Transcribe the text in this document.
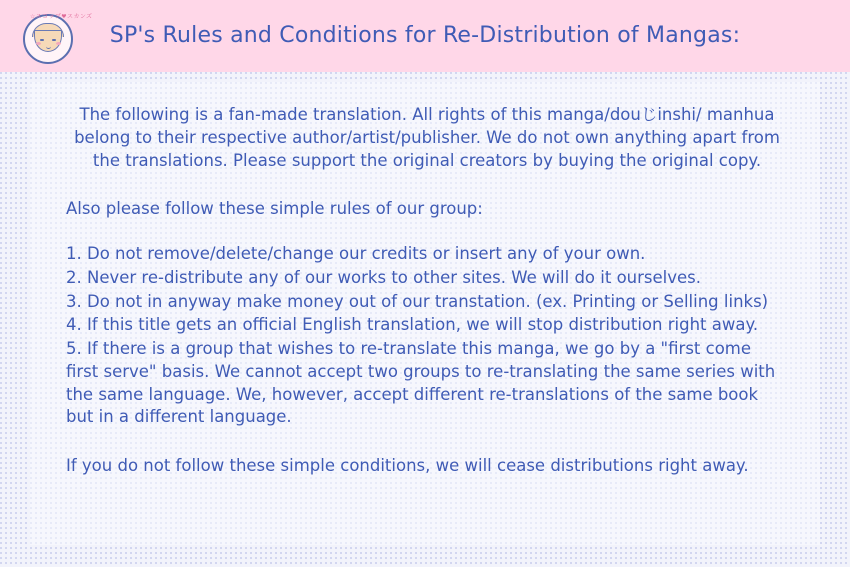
☆スコップ♥スカンズ
SP's Rules and Conditions for Re-Distribution of Mangas:
The following is a fan-made translation. All rights of this manga/douじinshi/ manhua belong to their respective author/artist/publisher. We do not own anything apart from the translations. Please support the original creators by buying the original copy.
Also please follow these simple rules of our group:
1. Do not remove/delete/change our credits or insert any of your own.
2. Never re-distribute any of our works to other sites. We will do it ourselves.
3. Do not in anyway make money out of our transtation. (ex. Printing or Selling links)
4. If this title gets an official English translation, we will stop distribution right away.
5. If there is a group that wishes to re-translate this manga, we go by a "first come first serve" basis. We cannot accept two groups to re-translating the same series with the same language. We, however, accept different re-translations of the same book but in a different language.
If you do not follow these simple conditions, we will cease distributions right away.
